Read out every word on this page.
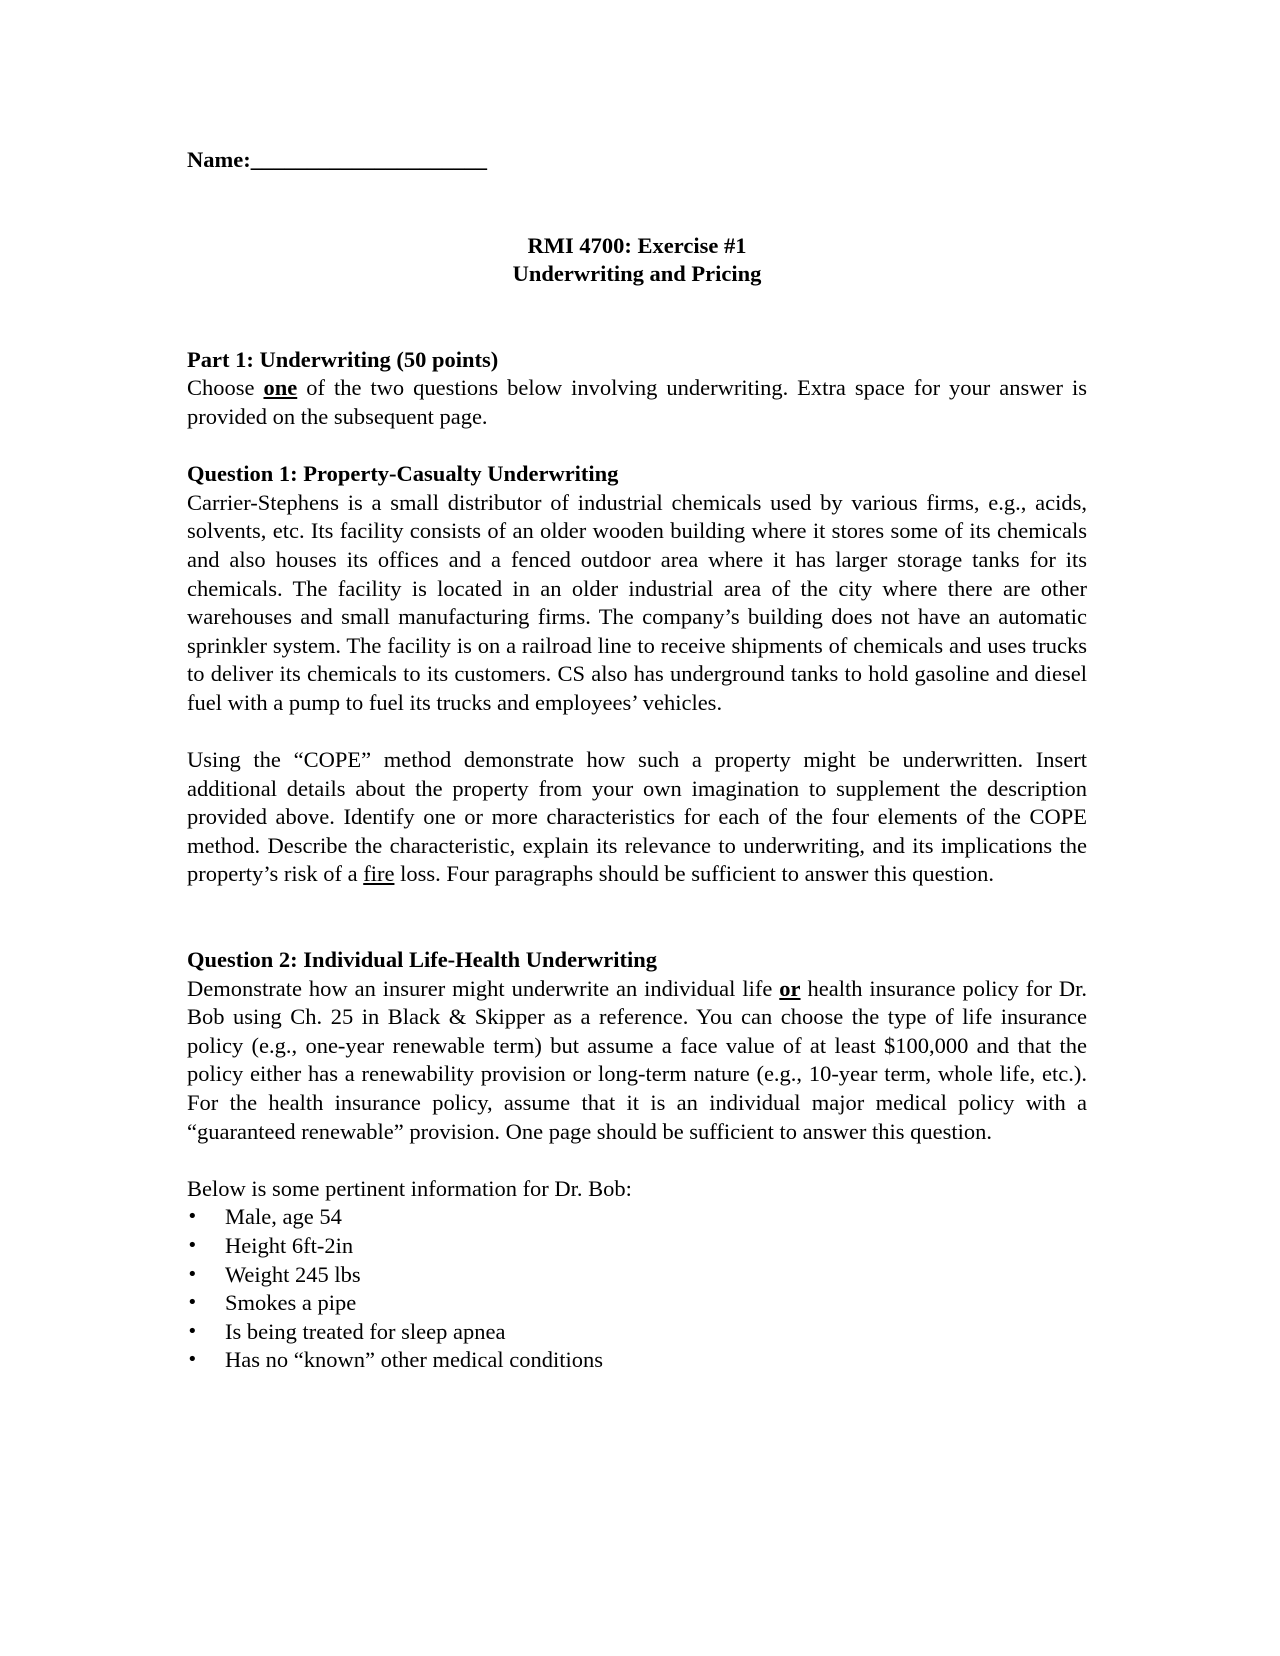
Name:_____________________
RMI 4700: Exercise #1
Underwriting and Pricing
Part 1: Underwriting (50 points)

Choose one of the two questions below involving underwriting. Extra space for your answer is provided on the subsequent page.

Question 1: Property-Casualty Underwriting

Carrier-Stephens is a small distributor of industrial chemicals used by various firms, e.g., acids, solvents, etc. Its facility consists of an older wooden building where it stores some of its chemicals and also houses its offices and a fenced outdoor area where it has larger storage tanks for its chemicals. The facility is located in an older industrial area of the city where there are other warehouses and small manufacturing firms. The company’s building does not have an automatic sprinkler system. The facility is on a railroad line to receive shipments of chemicals and uses trucks to deliver its chemicals to its customers. CS also has underground tanks to hold gasoline and diesel fuel with a pump to fuel its trucks and employees’ vehicles.

Using the “COPE” method demonstrate how such a property might be underwritten. Insert additional details about the property from your own imagination to supplement the description provided above. Identify one or more characteristics for each of the four elements of the COPE method. Describe the characteristic, explain its relevance to underwriting, and its implications the property’s risk of a fire loss. Four paragraphs should be sufficient to answer this question.

Question 2: Individual Life-Health Underwriting

Demonstrate how an insurer might underwrite an individual life or health insurance policy for Dr. Bob using Ch. 25 in Black & Skipper as a reference. You can choose the type of life insurance policy (e.g., one-year renewable term) but assume a face value of at least $100,000 and that the policy either has a renewability provision or long-term nature (e.g., 10-year term, whole life, etc.). For the health insurance policy, assume that it is an individual major medical policy with a “guaranteed renewable” provision. One page should be sufficient to answer this question.

Below is some pertinent information for Dr. Bob:

•	Male, age 54
•	Height 6ft-2in
•	Weight 245 lbs
•	Smokes a pipe
•	Is being treated for sleep apnea
•	Has no “known” other medical conditions
